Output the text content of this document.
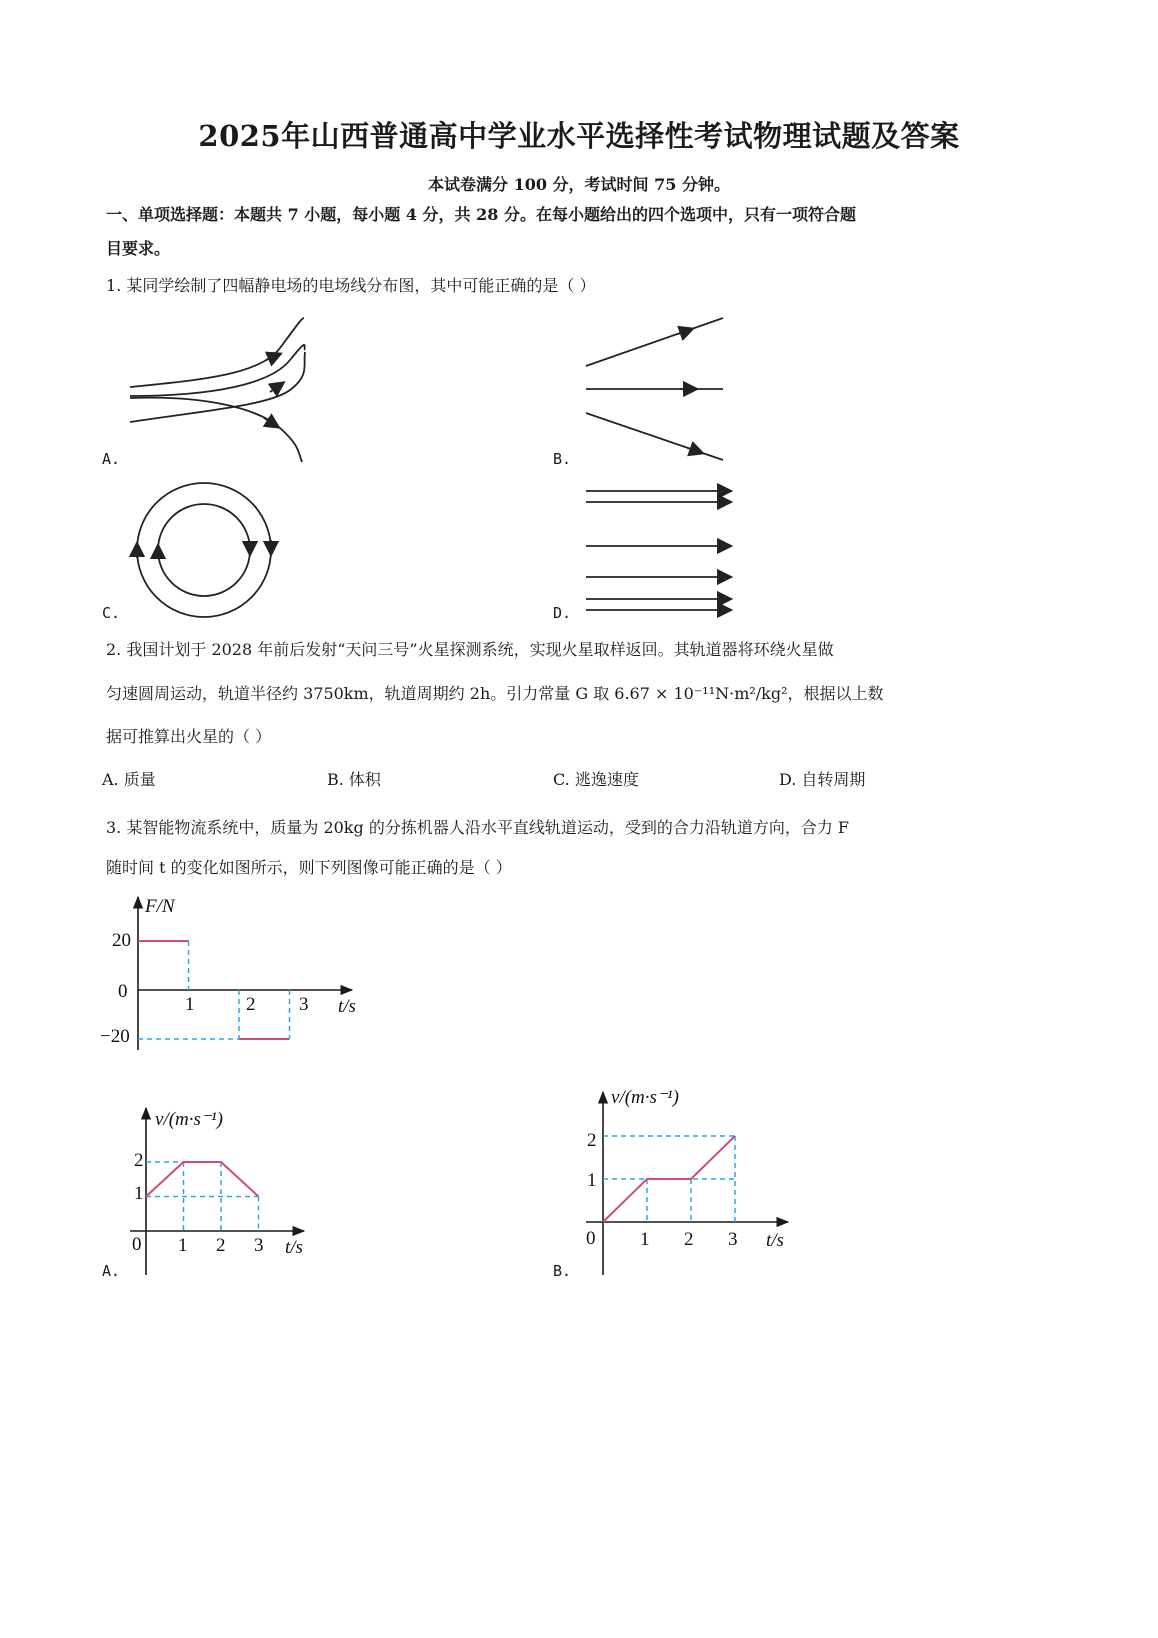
2025年山西普通高中学业水平选择性考试物理试题及答案
本试卷满分 100 分，考试时间 75 分钟。
一、单项选择题：本题共 7 小题，每小题 4 分，共 28 分。在每小题给出的四个选项中，只有一项符合题
目要求。
1. 某同学绘制了四幅静电场的电场线分布图，其中可能正确的是（ ）
A.	B.
C.	D.
2. 我国计划于 2028 年前后发射“天问三号”火星探测系统，实现火星取样返回。其轨道器将环绕火星做
匀速圆周运动，轨道半径约 3750km，轨道周期约 2h。引力常量 G 取 6.67 × 10⁻¹¹N·m²/kg²，根据以上数
据可推算出火星的（ ）
A. 质量	B. 体积	C. 逃逸速度	D. 自转周期
3. 某智能物流系统中，质量为 20kg 的分拣机器人沿水平直线轨道运动，受到的合力沿轨道方向，合力 F
随时间 t 的变化如图所示，则下列图像可能正确的是（ ）
F/N
20
0
−20
1	2 3 t/s
v/(m·s⁻¹)
2
1
0 1 2 3 t/s
A.
v/(m·s⁻¹)
2
1
0 1 2 3 t/s
B.
